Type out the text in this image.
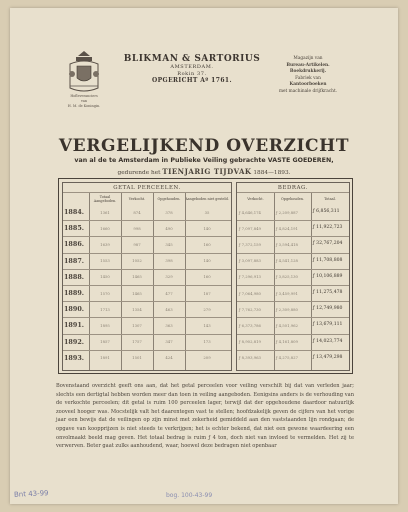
Hofleveranciers
van
H. M. de Koningin.
BLIKMAN & SARTORIUS
AMSTERDAM.
Rokin 37.
OPGERICHT Aº 1761.
Magazijn van
Bureau-Artikelen.
Boekdrukkerij.
Fabriek van
Kantoorboeken
met machinale drijfkracht.
VERGELIJKEND OVERZICHT
van al de te Amsterdam in Publieke Veiling gebrachte VASTE GOEDEREN,
gedurende het TIENJARIG TIJDVAK 1884—1893.
GETAL PERCEELEN.
Totaal Aangeboden.	Verkocht.	Opgehouden.	Aangeboden niet gesteld.
1884.	1361	874	378	35
1885.	1660	998	490	140
1886.	1639	987	345	160
1887.	1553	1052	398	140
1888.	1450	1465	329	160
1889.	1570	1465	477	187
1890.	1713	1354	463	279
1891.	1895	1307	363	143
1892.	1857	1757	347	173
1893.	1891	1501	424	209
BEDRAG.
Verkocht.	Opgehouden.	Totaal.
ƒ 4,646,174	ƒ 2,209,887	ƒ 6,856,311
ƒ 7,097,849	ƒ 4,824,191	ƒ 11,922,723
ƒ 7,372,159	ƒ 3,594,418	ƒ 32,767,204
ƒ 3,097,883	ƒ 4,541,128	ƒ 11,708,808
ƒ 7,296,913	ƒ 3,825,130	ƒ 10,106,889
ƒ 7,064,980	ƒ 3,459,991	ƒ 11,275,478
ƒ 7,762,730	ƒ 2,309,880	ƒ 12,749,980
ƒ 6,373,786	ƒ 4,501,962	ƒ 13,679,111
ƒ 8,902,819	ƒ 4,161,809	ƒ 14,023,774
ƒ 8,393,963	ƒ 4,275,827	ƒ 13,479,298
Bovenstaand overzicht geeft ons aan, dat het getal perceelen voor veiling verschilt bij dat van verleden jaar; slechts een dertigtal hebben worden meer dan toen in veiling aangeboden. Eenigsins anders is de verhouding van de verkochte perceelen; dit getal is ruim 100 perceelen lager, terwijl dat der opgehoudene daardoor natuurlijk zooveel hooger was. Mocstelijk valt het daarentegen vast te stellen; hoofdzakelijk geven de cijfers van het vorige jaar een bewijs dat de veilingen op zijn minst met zekerheid gemiddeld aan den vaststaanden lijn rondgaan; de opgave van koopprijzen is niet steeds te verkrijgen; het is echter bekend, dat niet een gewone waardeering een onvolmaakt beeld mag geven. Het totaal bedrag is ruim ƒ 4 ton, doch niet van invloed te vermelden. Het zij te verwerven. Beter gaat zulks aanhoudend, waar, hoewel deze bedragen niet openbaar
Bnt 43-99	bog. 100-43-99
